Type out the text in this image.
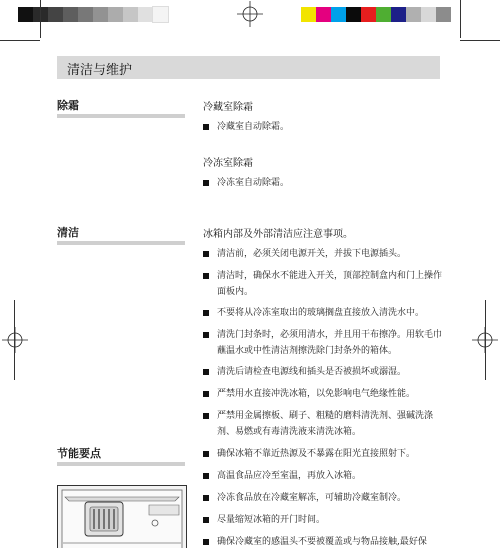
清洁与维护
除霜	冷藏室除霜
冷藏室自动除霜。
冷冻室除霜
冷冻室自动除霜。
清洁	冰箱内部及外部清洁应注意事项。
清洁前，必须关闭电源开关，并拔下电源插头。
清洁时，确保水不能进入开关，顶部控制盒内和门上操作面板内。
不要将从冷冻室取出的玻璃搁盘直接放入清洗水中。
清洗门封条时，必须用清水，并且用干布擦净。用软毛巾蘸温水或中性清洁剂擦洗除门封条外的箱体。
清洗后请检查电源线和插头是否被损坏或溺湿。
严禁用水直接冲洗冰箱，以免影响电气绝缘性能。
严禁用金属擦板、刷子、粗糙的磨料清洗剂、强碱洗涤剂、易燃或有毒清洗液来清洗冰箱。
节能要点	确保冰箱不靠近热源及不暴露在阳光直接照射下。
高温食品应冷至室温，再放入冰箱。
冷冻食品放在冷藏室解冻，可辅助冷藏室制冷。
尽量缩短冰箱的开门时间。
确保冷藏室的感温头不要被覆盖或与物品接触,最好保
